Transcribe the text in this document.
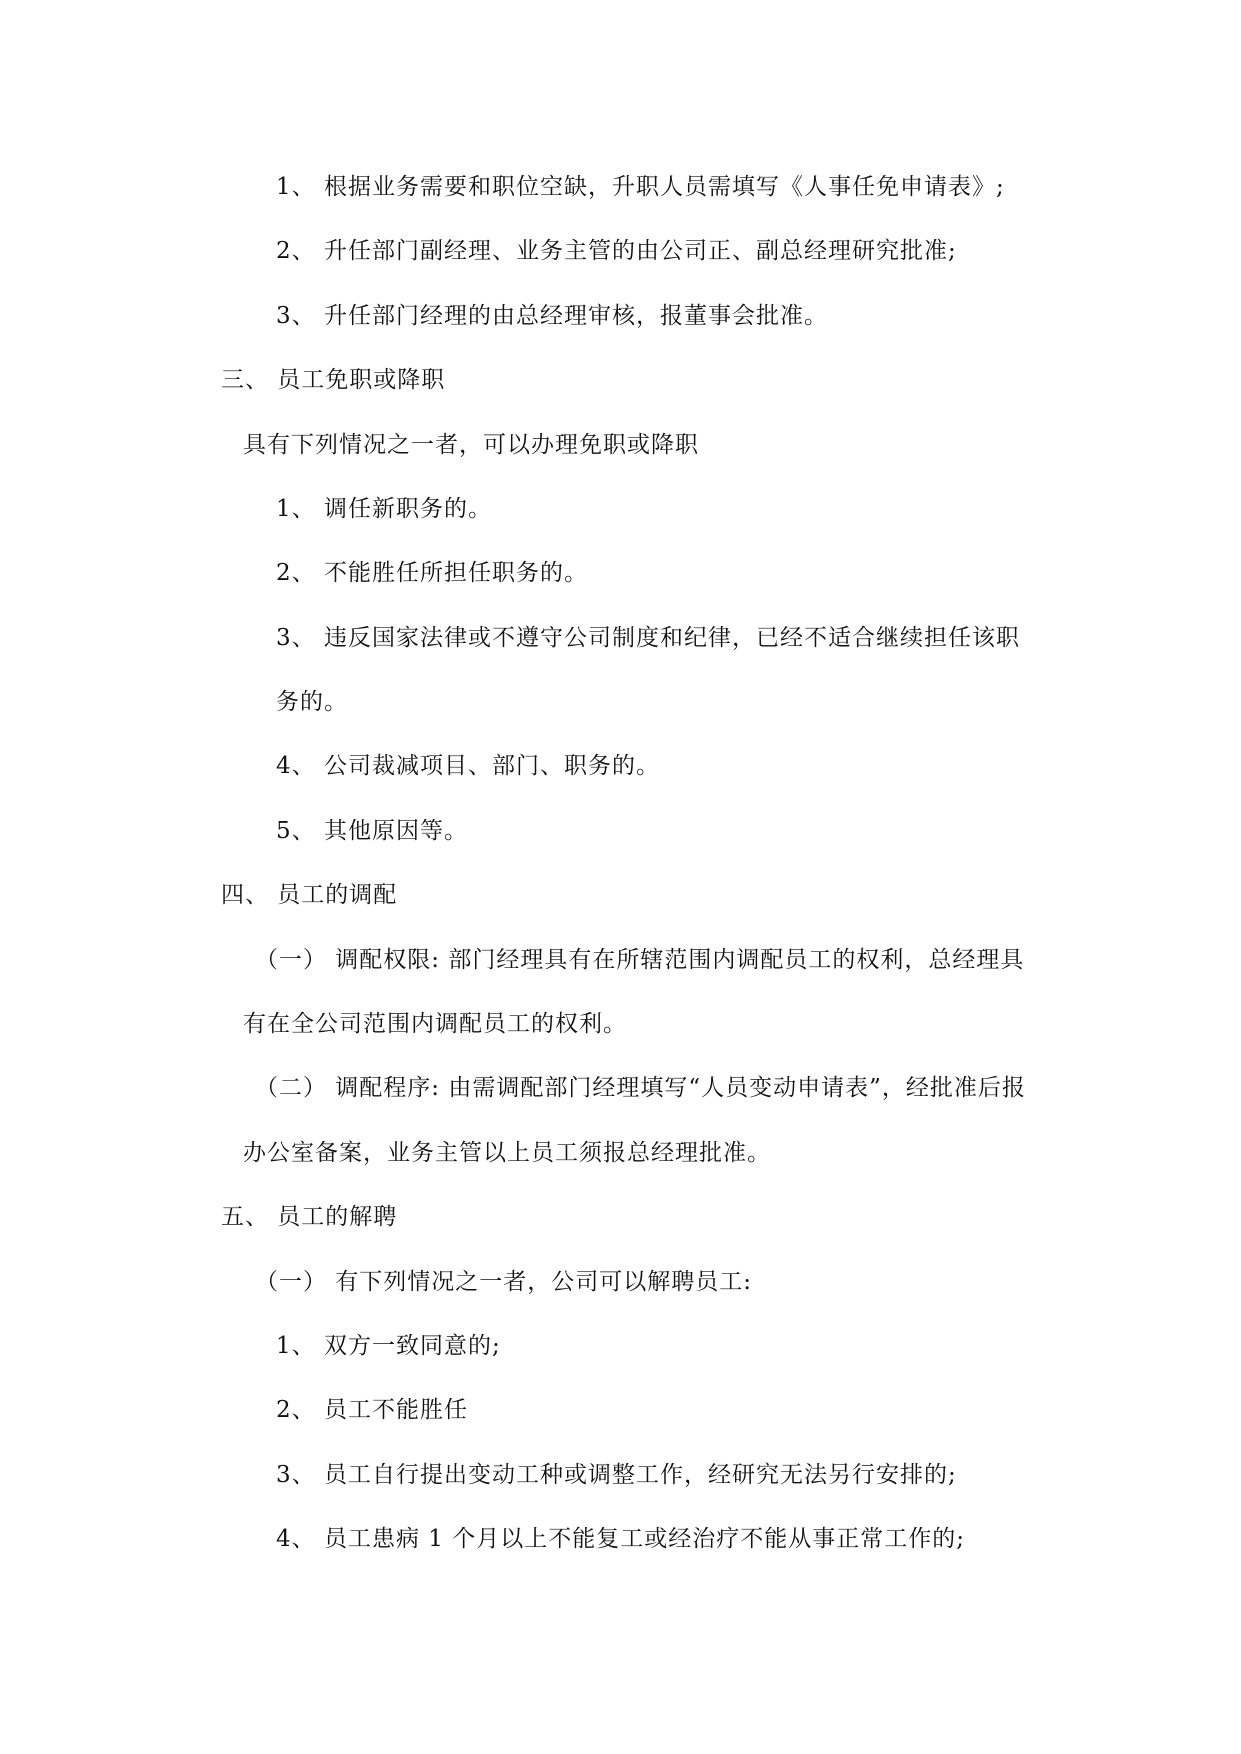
1、 根据业务需要和职位空缺，升职人员需填写《人事任免申请表》;
2、 升任部门副经理、业务主管的由公司正、副总经理研究批准;
3、 升任部门经理的由总经理审核，报董事会批准。
三、 员工免职或降职
具有下列情况之一者，可以办理免职或降职
1、 调任新职务的。
2、 不能胜任所担任职务的。
3、 违反国家法律或不遵守公司制度和纪律，已经不适合继续担任该职
务的。
4、 公司裁减项目、部门、职务的。
5、 其他原因等。
四、 员工的调配
（一） 调配权限: 部门经理具有在所辖范围内调配员工的权利，总经理具
有在全公司范围内调配员工的权利。
（二） 调配程序: 由需调配部门经理填写“人员变动申请表”，经批准后报
办公室备案，业务主管以上员工须报总经理批准。
五、 员工的解聘
（一） 有下列情况之一者，公司可以解聘员工:
1、 双方一致同意的;
2、 员工不能胜任
3、 员工自行提出变动工种或调整工作，经研究无法另行安排的;
4、 员工患病 1 个月以上不能复工或经治疗不能从事正常工作的;
